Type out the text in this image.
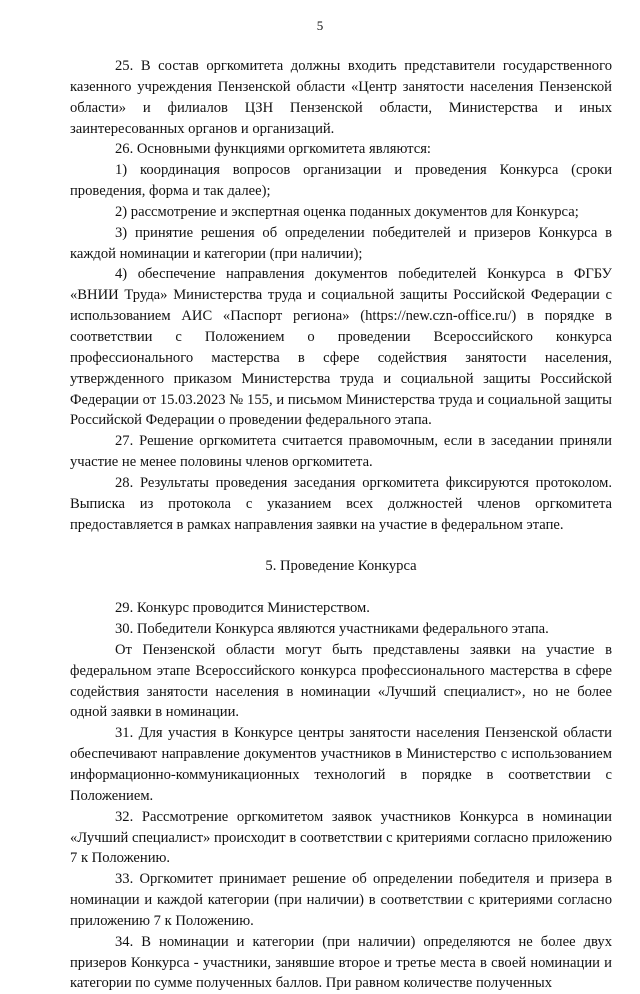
5

25. В состав оргкомитета должны входить представители государственного казенного учреждения Пензенской области «Центр занятости населения Пензенской области» и филиалов ЦЗН Пензенской области, Министерства и иных заинтересованных органов и организаций.

26. Основными функциями оргкомитета являются:

1) координация вопросов организации и проведения Конкурса (сроки проведения, форма и так далее);

2) рассмотрение и экспертная оценка поданных документов для Конкурса;

3) принятие решения об определении победителей и призеров Конкурса в каждой номинации и категории (при наличии);

4) обеспечение направления документов победителей Конкурса в ФГБУ «ВНИИ Труда» Министерства труда и социальной защиты Российской Федерации с использованием АИС «Паспорт региона» (https://new.czn-office.ru/) в порядке в соответствии с Положением о проведении Всероссийского конкурса профессионального мастерства в сфере содействия занятости населения, утвержденного приказом Министерства труда и социальной защиты Российской Федерации от 15.03.2023 № 155, и письмом Министерства труда и социальной защиты Российской Федерации о проведении федерального этапа.

27. Решение оргкомитета считается правомочным, если в заседании приняли участие не менее половины членов оргкомитета.

28. Результаты проведения заседания оргкомитета фиксируются протоколом. Выписка из протокола с указанием всех должностей членов оргкомитета предоставляется в рамках направления заявки на участие в федеральном этапе.

5. Проведение Конкурса

29. Конкурс проводится Министерством.

30. Победители Конкурса являются участниками федерального этапа.

От Пензенской области могут быть представлены заявки на участие в федеральном этапе Всероссийского конкурса профессионального мастерства в сфере содействия занятости населения в номинации «Лучший специалист», но не более одной заявки в номинации.

31. Для участия в Конкурсе центры занятости населения Пензенской области обеспечивают направление документов участников в Министерство с использованием информационно-коммуникационных технологий в порядке в соответствии с Положением.

32. Рассмотрение оргкомитетом заявок участников Конкурса в номинации «Лучший специалист» происходит в соответствии с критериями согласно приложению 7 к Положению.

33. Оргкомитет принимает решение об определении победителя и призера в номинации и каждой категории (при наличии) в соответствии с критериями согласно приложению 7 к Положению.

34. В номинации и категории (при наличии) определяются не более двух призеров Конкурса - участники, занявшие второе и третье места в своей номинации и категории по сумме полученных баллов. При равном количестве полученных
